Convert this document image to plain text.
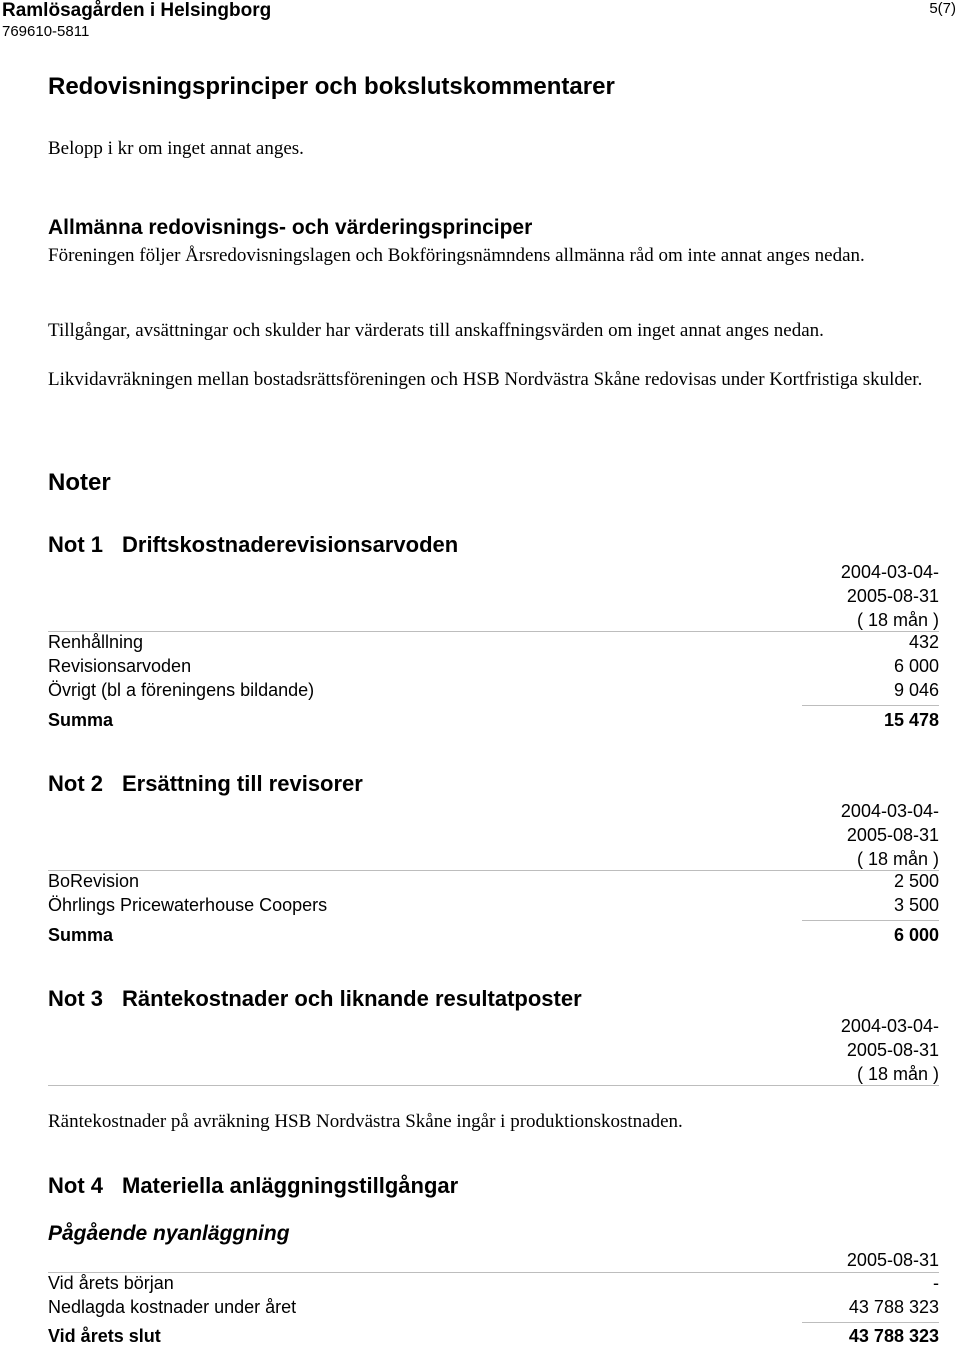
Ramlösagården i Helsingborg
769610-5811
5(7)
Redovisningsprinciper och bokslutskommentarer
Belopp i kr om inget annat anges.
Allmänna redovisnings- och värderingsprinciper
Föreningen följer Årsredovisningslagen och Bokföringsnämndens allmänna råd om inte annat anges nedan.
Tillgångar, avsättningar och skulder har värderats till anskaffningsvärden om inget annat anges nedan.
Likvidavräkningen mellan bostadsrättsföreningen och HSB Nordvästra Skåne redovisas under Kortfristiga skulder.
Noter
Not 1 Driftskostnaderevisionsarvoden
2004-03-04-
2005-08-31
( 18 mån )
Renhållning	432
Revisionsarvoden	6 000
Övrigt (bl a föreningens bildande)	9 046
Summa	15 478
Not 2 Ersättning till revisorer
2004-03-04-
2005-08-31
( 18 mån )
BoRevision	2 500
Öhrlings Pricewaterhouse Coopers	3 500
Summa	6 000
Not 3 Räntekostnader och liknande resultatposter
2004-03-04-
2005-08-31
( 18 mån )
Räntekostnader på avräkning HSB Nordvästra Skåne ingår i produktionskostnaden.
Not 4 Materiella anläggningstillgångar
Pågående nyanläggning
2005-08-31
Vid årets början	-
Nedlagda kostnader under året	43 788 323
Vid årets slut	43 788 323
